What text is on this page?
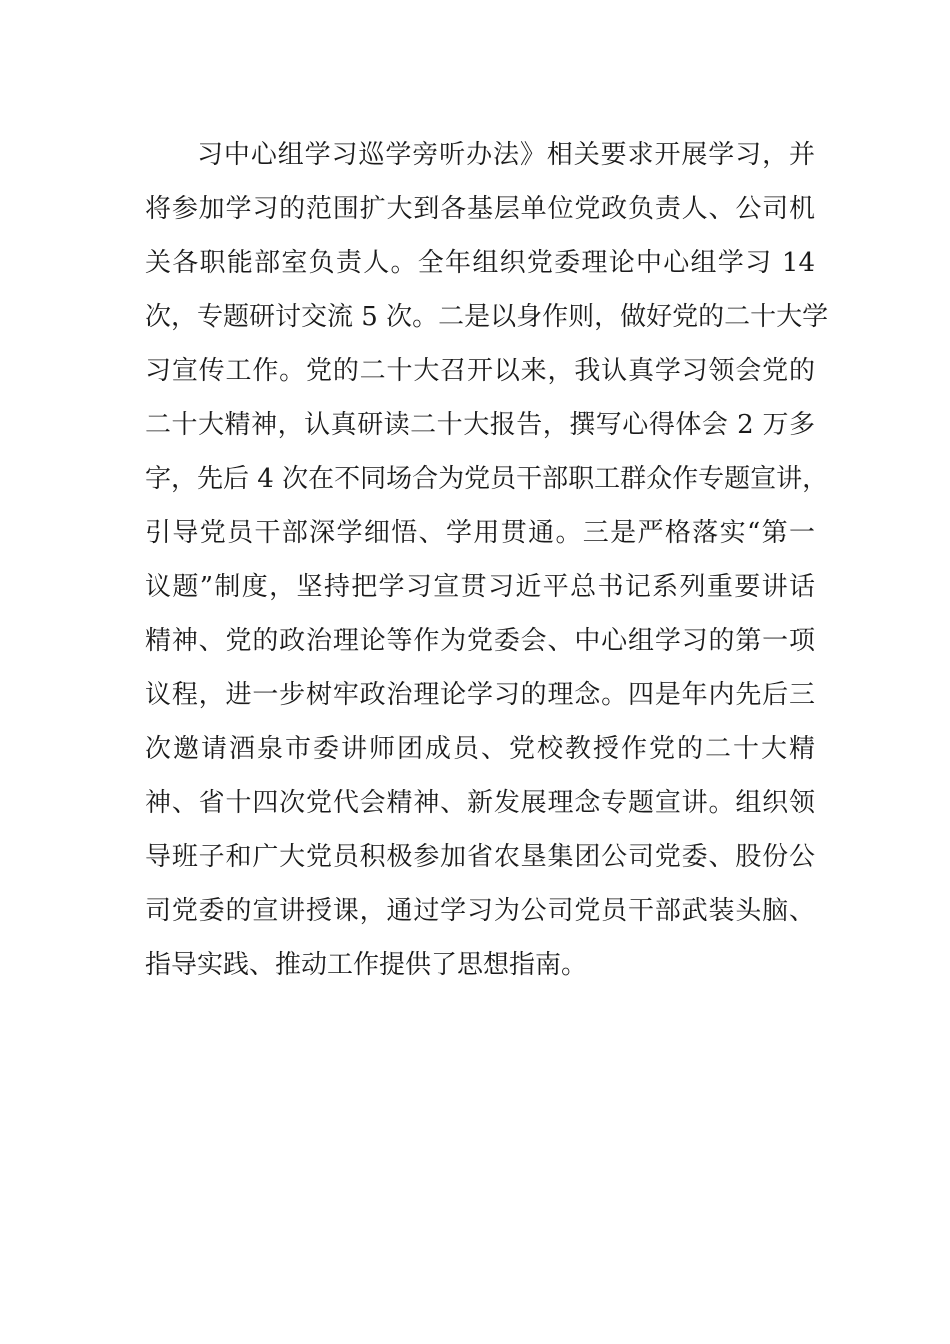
习中心组学习巡学旁听办法》相关要求开展学习，并
将参加学习的范围扩大到各基层单位党政负责人、公司机
关各职能部室负责人。全年组织党委理论中心组学习 14
次，专题研讨交流 5 次。二是以身作则，做好党的二十大学
习宣传工作。党的二十大召开以来，我认真学习领会党的
二十大精神，认真研读二十大报告，撰写心得体会 2 万多
字，先后 4 次在不同场合为党员干部职工群众作专题宣讲，
引导党员干部深学细悟、学用贯通。三是严格落实“第一
议题”制度，坚持把学习宣贯习近平总书记系列重要讲话
精神、党的政治理论等作为党委会、中心组学习的第一项
议程，进一步树牢政治理论学习的理念。四是年内先后三
次邀请酒泉市委讲师团成员、党校教授作党的二十大精
神、省十四次党代会精神、新发展理念专题宣讲。组织领
导班子和广大党员积极参加省农垦集团公司党委、股份公
司党委的宣讲授课，通过学习为公司党员干部武装头脑、
指导实践、推动工作提供了思想指南。
